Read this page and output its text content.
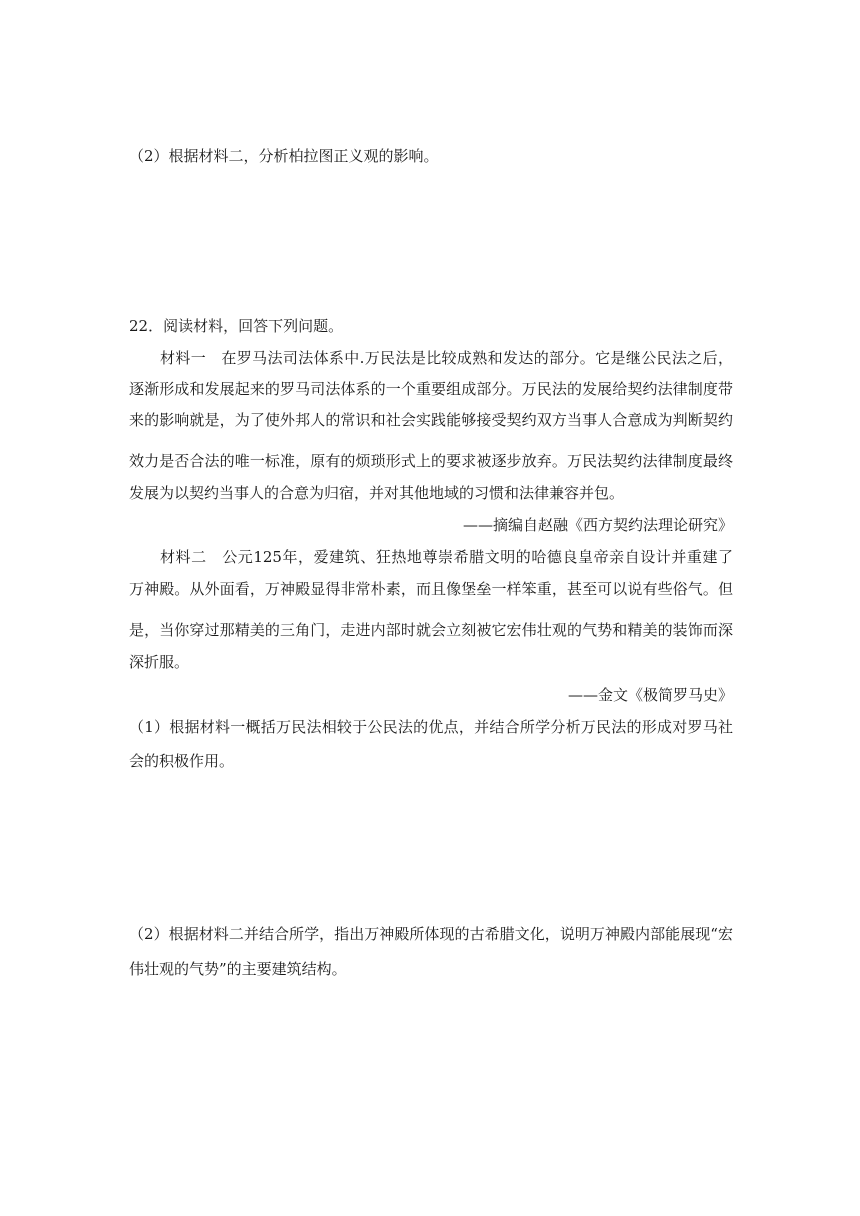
（2）根据材料二，分析柏拉图正义观的影响。
22．阅读材料，回答下列问题。
材料一　在罗马法司法体系中.万民法是比较成熟和发达的部分。它是继公民法之后，
逐渐形成和发展起来的罗马司法体系的一个重要组成部分。万民法的发展给契约法律制度带
来的影响就是，为了使外邦人的常识和社会实践能够接受契约双方当事人合意成为判断契约
效力是否合法的唯一标准，原有的烦琐形式上的要求被逐步放弃。万民法契约法律制度最终
发展为以契约当事人的合意为归宿，并对其他地域的习惯和法律兼容并包。
——摘编自赵融《西方契约法理论研究》
材料二　公元125年，爱建筑、狂热地尊崇希腊文明的哈德良皇帝亲自设计并重建了
万神殿。从外面看，万神殿显得非常朴素，而且像堡垒一样笨重，甚至可以说有些俗气。但
是，当你穿过那精美的三角门，走进内部时就会立刻被它宏伟壮观的气势和精美的装饰而深
深折服。
——金文《极简罗马史》
（1）根据材料一概括万民法相较于公民法的优点，并结合所学分析万民法的形成对罗马社
会的积极作用。
（2）根据材料二并结合所学，指出万神殿所体现的古希腊文化，说明万神殿内部能展现“宏
伟壮观的气势”的主要建筑结构。
